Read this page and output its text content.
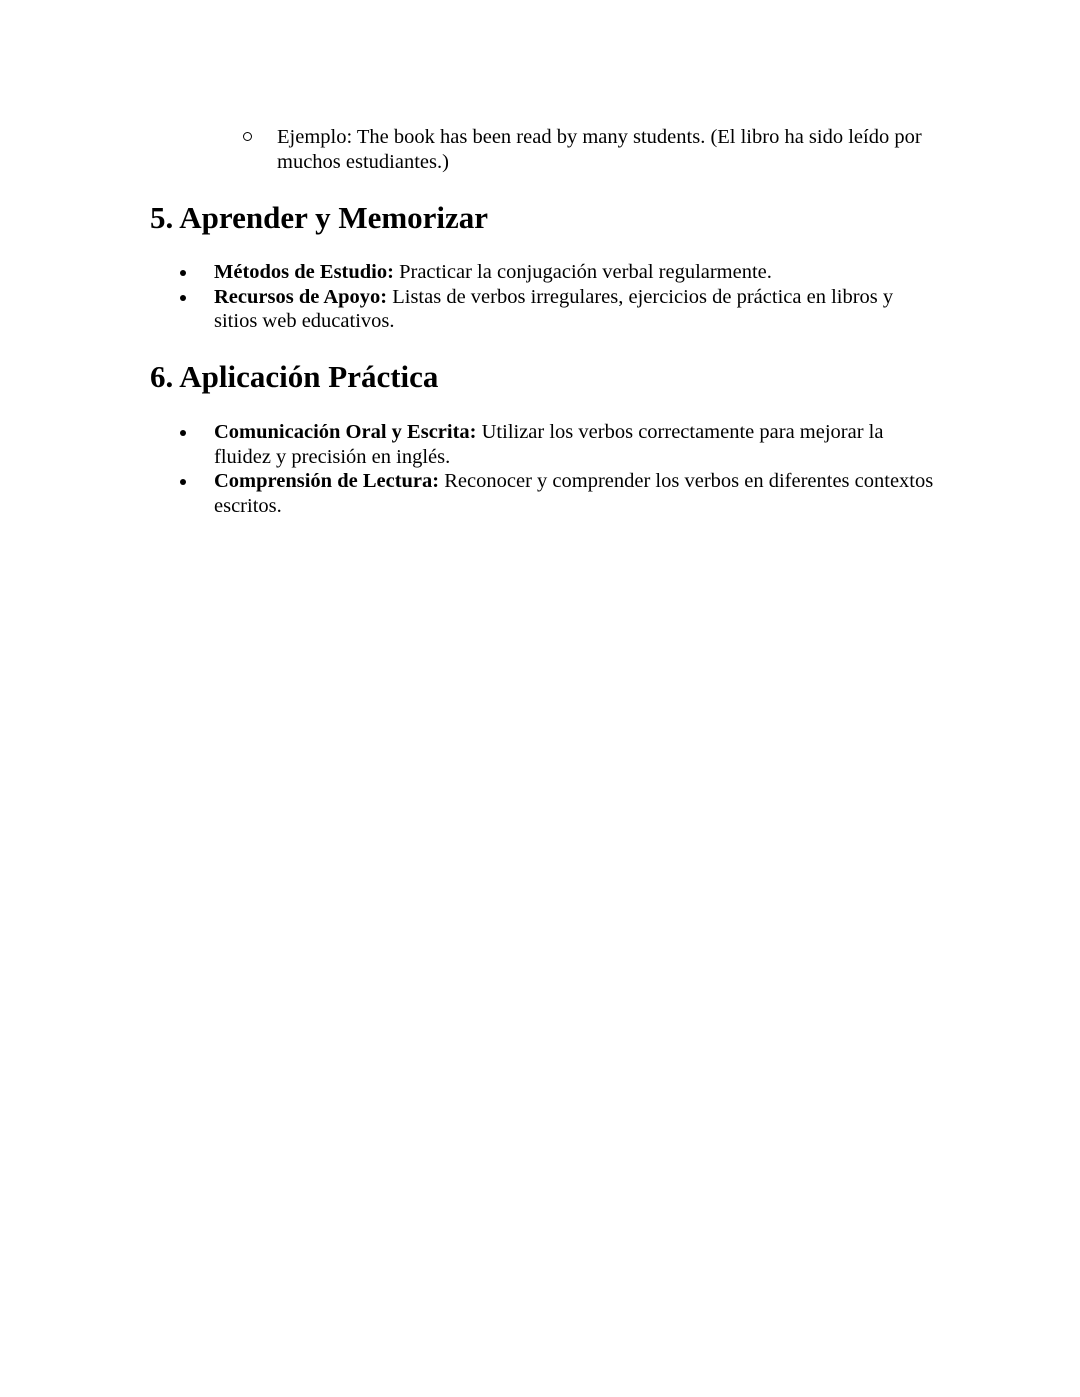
Ejemplo: The book has been read by many students. (El libro ha sido leído por muchos estudiantes.)
5. Aprender y Memorizar
Métodos de Estudio: Practicar la conjugación verbal regularmente.
Recursos de Apoyo: Listas de verbos irregulares, ejercicios de práctica en libros y sitios web educativos.
6. Aplicación Práctica
Comunicación Oral y Escrita: Utilizar los verbos correctamente para mejorar la fluidez y precisión en inglés.
Comprensión de Lectura: Reconocer y comprender los verbos en diferentes contextos escritos.
